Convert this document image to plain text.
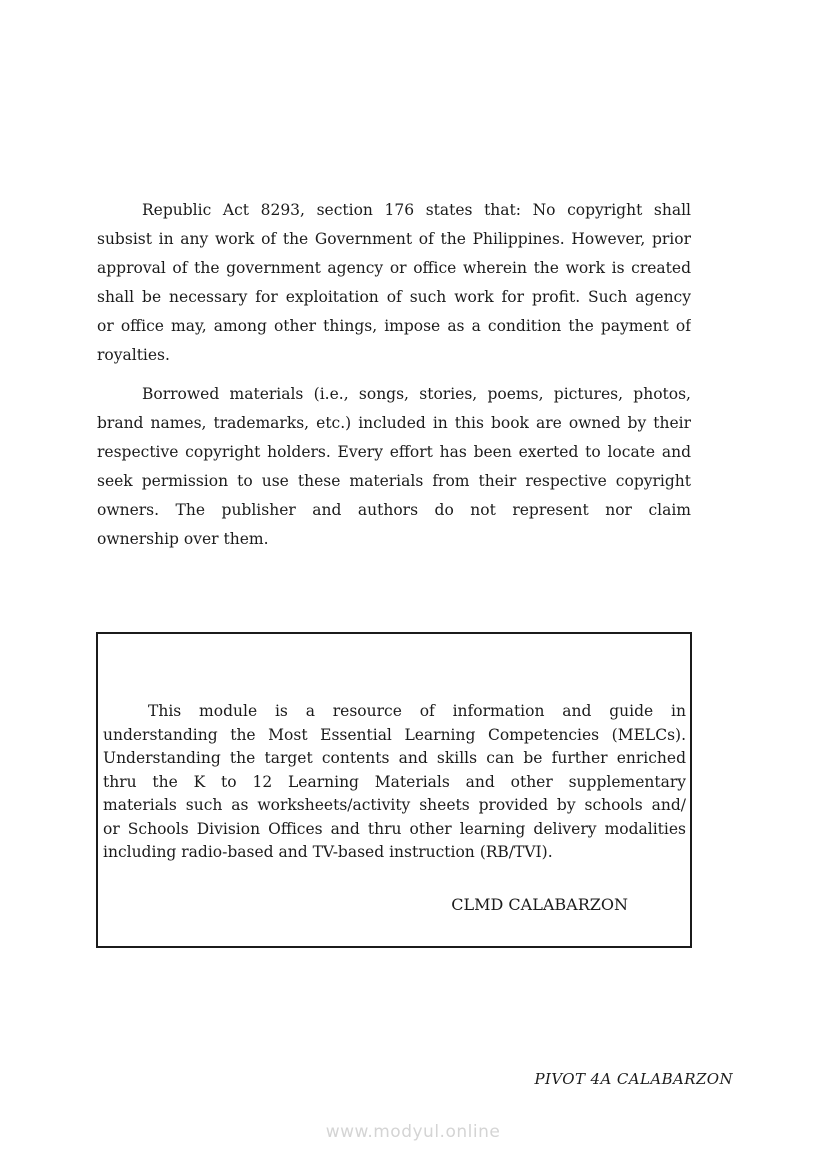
Republic Act 8293, section 176 states that: No copyright shall
subsist in any work of the Government of the Philippines. However, prior
approval of the government agency or office wherein the work is created
shall be necessary for exploitation of such work for profit. Such agency
or office may, among other things, impose as a condition the payment of
royalties.
Borrowed materials (i.e., songs, stories, poems, pictures, photos,
brand names, trademarks, etc.) included in this book are owned by their
respective copyright holders. Every effort has been exerted to locate and
seek permission to use these materials from their respective copyright
owners. The publisher and authors do not represent nor claim
ownership over them.
This module is a resource of information and guide in
understanding the Most Essential Learning Competencies (MELCs).
Understanding the target contents and skills can be further enriched
thru the K to 12 Learning Materials and other supplementary
materials such as worksheets/activity sheets provided by schools and/
or Schools Division Offices and thru other learning delivery modalities
including radio-based and TV-based instruction (RB/TVI).
CLMD CALABARZON
PIVOT 4A CALABARZON
www.modyul.online
